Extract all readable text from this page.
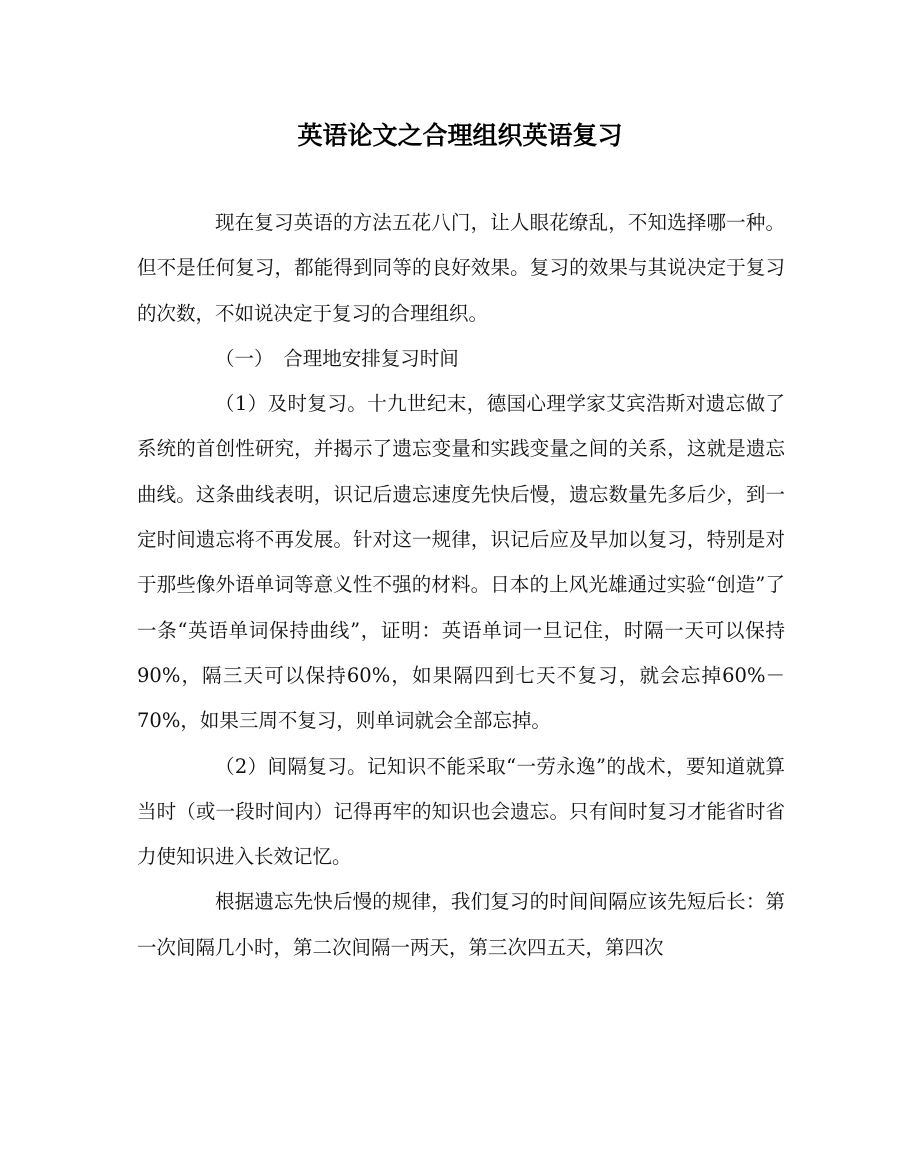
英语论文之合理组织英语复习

现在复习英语的方法五花八门，让人眼花缭乱，不知选择哪一种。但不是任何复习，都能得到同等的良好效果。复习的效果与其说决定于复习的次数，不如说决定于复习的合理组织。

（一）　合理地安排复习时间

（1）及时复习。十九世纪末，德国心理学家艾宾浩斯对遗忘做了系统的首创性研究，并揭示了遗忘变量和实践变量之间的关系，这就是遗忘曲线。这条曲线表明，识记后遗忘速度先快后慢，遗忘数量先多后少，到一定时间遗忘将不再发展。针对这一规律，识记后应及早加以复习，特别是对于那些像外语单词等意义性不强的材料。日本的上风光雄通过实验“创造”了一条“英语单词保持曲线”，证明：英语单词一旦记住，时隔一天可以保持90%，隔三天可以保持60%，如果隔四到七天不复习，就会忘掉60%－70%，如果三周不复习，则单词就会全部忘掉。

（2）间隔复习。记知识不能采取“一劳永逸”的战术，要知道就算当时（或一段时间内）记得再牢的知识也会遗忘。只有间时复习才能省时省力使知识进入长效记忆。

根据遗忘先快后慢的规律，我们复习的时间间隔应该先短后长：第一次间隔几小时，第二次间隔一两天，第三次四五天，第四次
